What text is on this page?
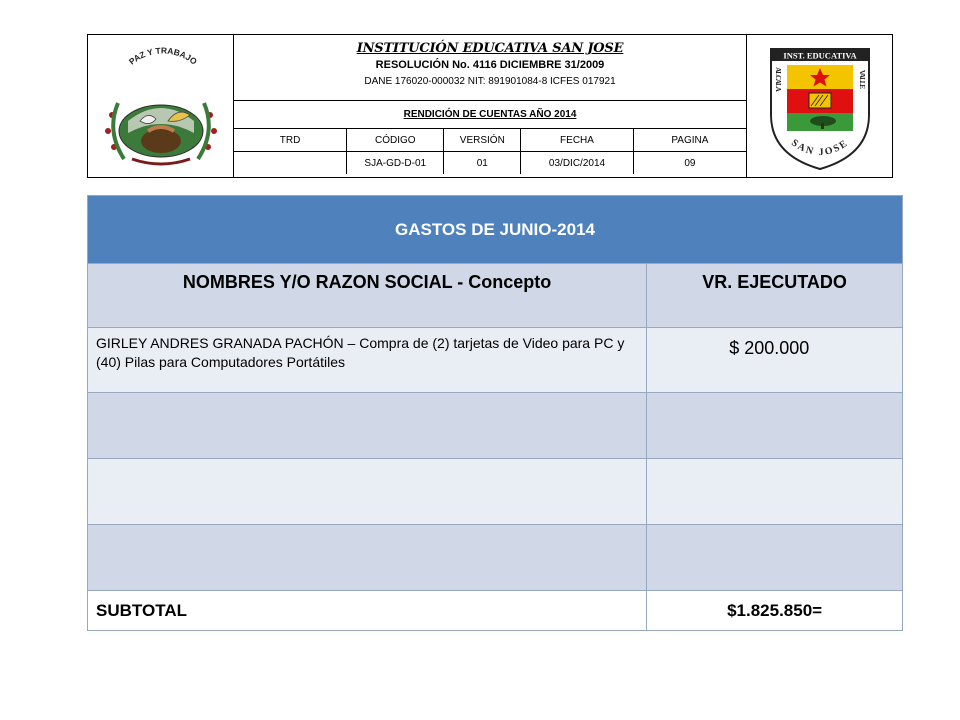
PAZ Y TRABAJO
INSTITUCIÓN EDUCATIVA SAN JOSE
RESOLUCIÓN No. 4116 DICIEMBRE 31/2009
DANE 176020-000032 NIT: 891901084-8 ICFES 017921
RENDICIÓN DE CUENTAS AÑO 2014
TRD	CÓDIGO	VERSIÓN	FECHA	PAGINA
	SJA-GD-D-01	01	03/DIC/2014	09
INST. EDUCATIVA
ALCALA	VALLE
SAN JOSE
GASTOS DE JUNIO-2014	
NOMBRES Y/O RAZON SOCIAL - Concepto	VR. EJECUTADO
GIRLEY ANDRES GRANADA PACHÓN – Compra de (2) tarjetas de Video para PC y (40) Pilas para Computadores Portátiles	$ 200.000

SUBTOTAL	$1.825.850=
